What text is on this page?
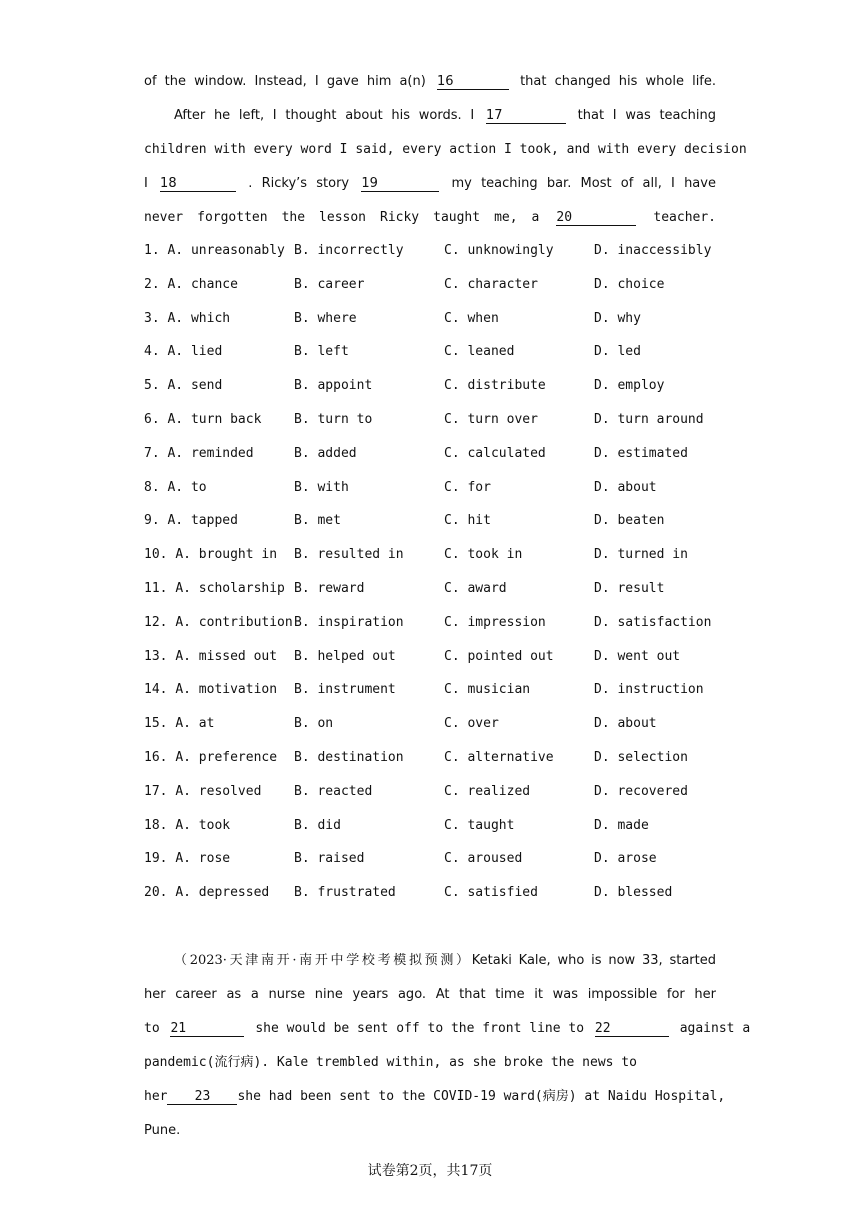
of the window. Instead, I gave him a(n) 16	that changed his whole life.
After he left, I thought about his words. I 17	that I was teaching
children with every word I said, every action I took, and with every decision
I 18	. Ricky’s story 19	my teaching bar. Most of all, I have
never forgotten the lesson Ricky taught me, a 20	teacher.
1. A. unreasonably B. incorrectly	C. unknowingly	D. inaccessibly
2. A. chance	B. career	C. character	D. choice
3. A. which	B. where	C. when	D. why
4. A. lied	B. left	C. leaned	D. led
5. A. send	B. appoint	C. distribute	D. employ
6. A. turn back	B. turn to	C. turn over	D. turn around
7. A. reminded	B. added	C. calculated	D. estimated
8. A. to	B. with	C. for	D. about
9. A. tapped	B. met	C. hit	D. beaten
10. A. brought in B. resulted in	C. took in	D. turned in
11. A. scholarship B. reward	C. award	D. result
12. A. contribution B. inspiration	C. impression	D. satisfaction
13. A. missed out B. helped out	C. pointed out	D. went out
14. A. motivation B. instrument	C. musician	D. instruction
15. A. at	B. on	C. over	D. about
16. A. preference B. destination	C. alternative	D. selection
17. A. resolved	B. reacted	C. realized	D. recovered
18. A. took	B. did	C. taught	D. made
19. A. rose	B. raised	C. aroused	D. arose
20. A. depressed B. frustrated	C. satisfied	D. blessed
（2023·天津南开·南开中学校考模拟预测）Ketaki Kale, who is now 33, started
her career as a nurse nine years ago. At that time it was impossible for her
to 21	she would be sent off to the front line to 22	against a
pandemic(流行病). Kale trembled within, as she broke the news to
her 23 she had been sent to the COVID-19 ward(病房) at Naidu Hospital,
Pune.
试卷第2页，共17页
